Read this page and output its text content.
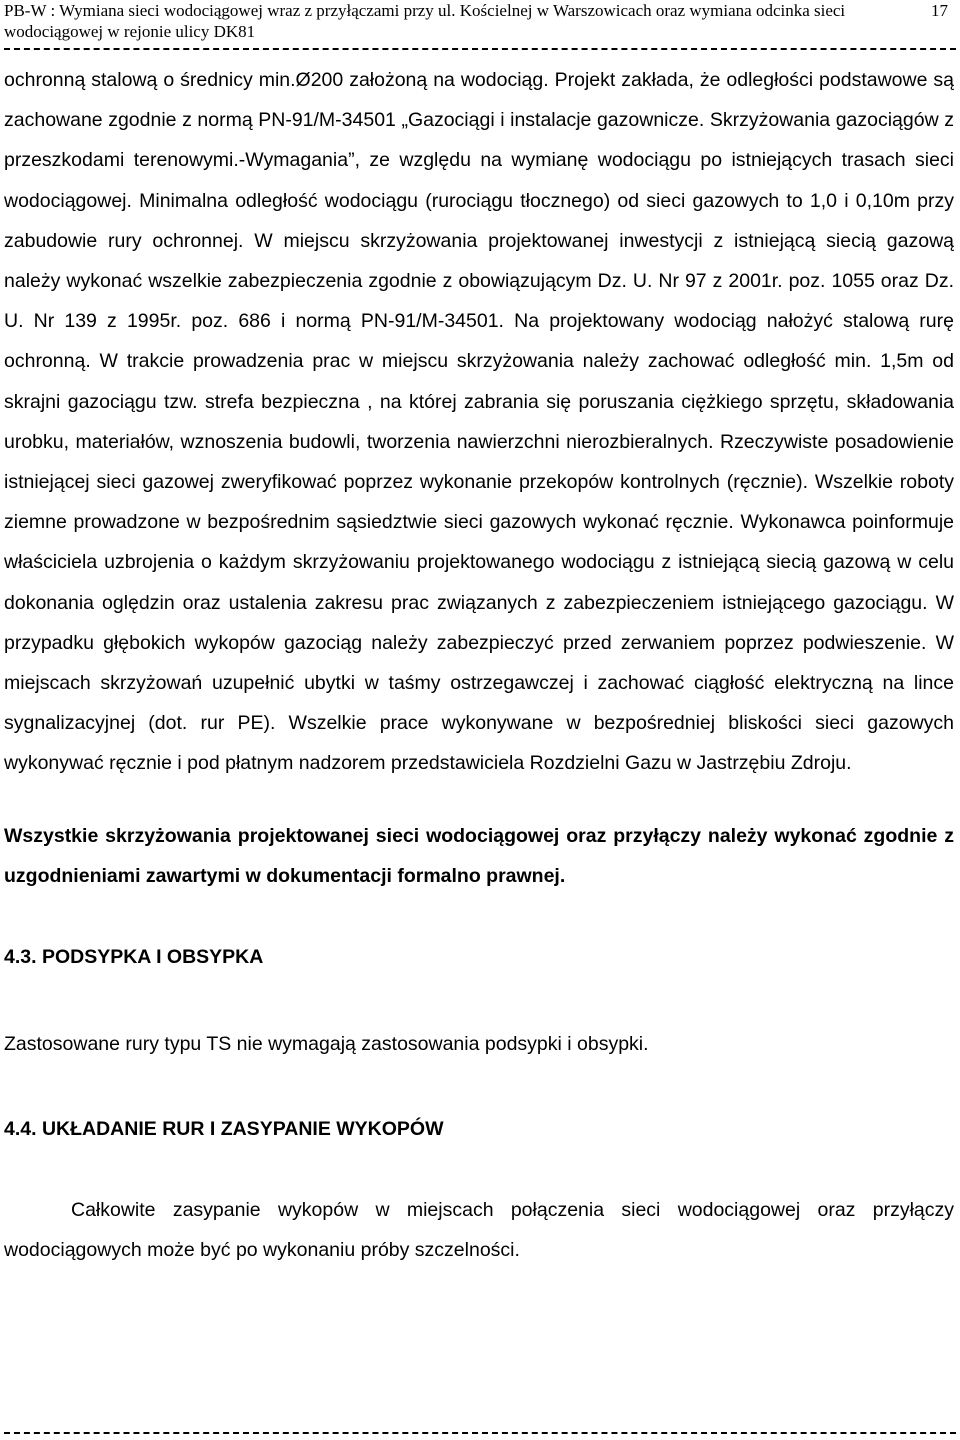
PB-W : Wymiana sieci wodociągowej wraz z przyłączami przy ul. Kościelnej w Warszowicach oraz wymiana odcinka sieci wodociągowej w rejonie ulicy DK81
17

ochronną stalową o średnicy min.Ø200 założoną na wodociąg. Projekt zakłada, że odległości podstawowe są zachowane zgodnie z normą PN-91/M-34501 „Gazociągi i instalacje gazownicze. Skrzyżowania gazociągów z przeszkodami terenowymi.-Wymagania”, ze względu na wymianę wodociągu po istniejących trasach sieci wodociągowej. Minimalna odległość wodociągu (rurociągu tłocznego) od sieci gazowych to 1,0 i 0,10m przy zabudowie rury ochronnej. W miejscu skrzyżowania projektowanej inwestycji z istniejącą siecią gazową należy wykonać wszelkie zabezpieczenia zgodnie z obowiązującym Dz. U. Nr 97 z 2001r. poz. 1055 oraz Dz. U. Nr 139 z 1995r. poz. 686 i normą PN-91/M-34501. Na projektowany wodociąg nałożyć stalową rurę ochronną. W trakcie prowadzenia prac w miejscu skrzyżowania należy zachować odległość min. 1,5m od skrajni gazociągu tzw. strefa bezpieczna , na której zabrania się poruszania ciężkiego sprzętu, składowania urobku, materiałów, wznoszenia budowli, tworzenia nawierzchni nierozbieralnych. Rzeczywiste posadowienie istniejącej sieci gazowej zweryfikować poprzez wykonanie przekopów kontrolnych (ręcznie). Wszelkie roboty ziemne prowadzone w bezpośrednim sąsiedztwie sieci gazowych wykonać ręcznie. Wykonawca poinformuje właściciela uzbrojenia o każdym skrzyżowaniu projektowanego wodociągu z istniejącą siecią gazową w celu dokonania oględzin oraz ustalenia zakresu prac związanych z zabezpieczeniem istniejącego gazociągu. W przypadku głębokich wykopów gazociąg należy zabezpieczyć przed zerwaniem poprzez podwieszenie. W miejscach skrzyżowań uzupełnić ubytki w taśmy ostrzegawczej i zachować ciągłość elektryczną na lince sygnalizacyjnej (dot. rur PE). Wszelkie prace wykonywane w bezpośredniej bliskości sieci gazowych wykonywać ręcznie i pod płatnym nadzorem przedstawiciela Rozdzielni Gazu w Jastrzębiu Zdroju.

Wszystkie skrzyżowania projektowanej sieci wodociągowej oraz przyłączy należy wykonać zgodnie z uzgodnieniami zawartymi w dokumentacji formalno prawnej.

4.3. PODSYPKA I OBSYPKA

Zastosowane rury typu TS nie wymagają zastosowania podsypki i obsypki.

4.4. UKŁADANIE RUR I ZASYPANIE WYKOPÓW

Całkowite zasypanie wykopów w miejscach połączenia sieci wodociągowej oraz przyłączy wodociągowych może być po wykonaniu próby szczelności.
